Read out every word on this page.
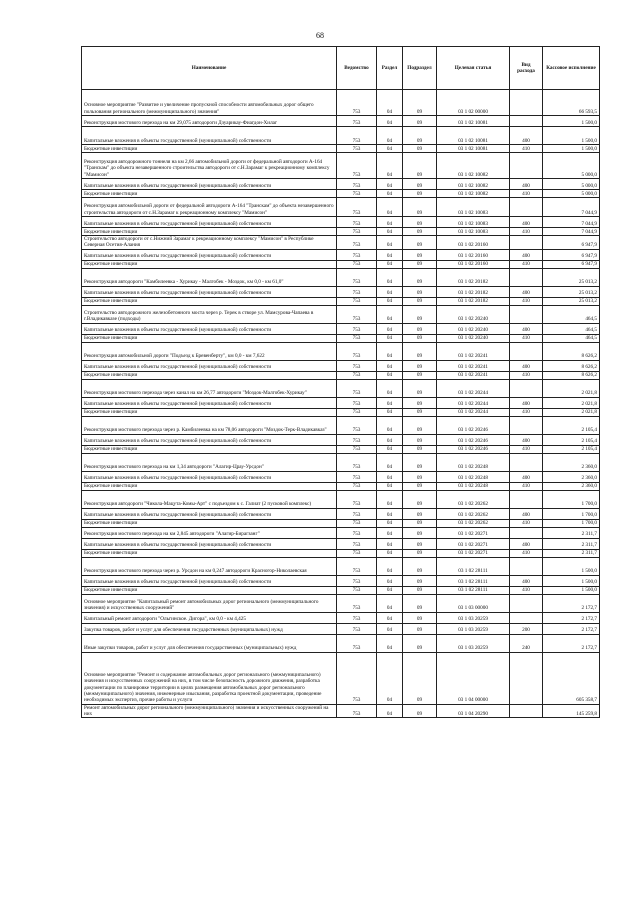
68
Наименование	Ведомство	Раздел	Подраздел	Целевая статья	Вид расхода	Кассовое исполнение
Основное мероприятие "Развитие и увеличение пропускной способности автомобильных дорог общего пользования регионального (межмуниципального) значения"	753	04	09	03 1 02 00000		66 593,5
Реконструкция мостового перехода на км 29,075 автодороги Дзуарикау-Фиагдон-Хилаг	753	04	09	03 1 02 10081		1 500,0
Капитальные вложения в объекты государственной (муниципальной) собственности	753	04	09	03 1 02 10081	400	1 500,0
Бюджетные инвестиции	753	04	09	03 1 02 10081	410	1 500,0
Реконструкция автодорожного тоннеля на км 2,66 автомобильной дороги от федеральной автодороги А-164 "Транскам" до объекта незавершенного строительства автодороги от с.Н.Зарамаг к рекреационному комплексу "Мамисон"	753	04	09	03 1 02 10082		5 000,0
Капитальные вложения в объекты государственной (муниципальной) собственности	753	04	09	03 1 02 10082	400	5 000,0
Бюджетные инвестиции	753	04	09	03 1 02 10082	410	5 000,0
Реконструкция автомобильной дороги от федеральной автодороги А-164 "Транскам" до объекта незавершенного строительства автодороги от с.Н.Зарамаг к рекреационному комплексу "Мамисон"	753	04	09	03 1 02 10083		7 044,9
Капитальные вложения в объекты государственной (муниципальной) собственности	753	04	09	03 1 02 10083	400	7 044,9
Бюджетные инвестиции	753	04	09	03 1 02 10083	410	7 044,9
Строительство автодороги от с.Нижний Зарамаг к рекреационному комплексу "Мамисон" в Республике Северная Осетия-Алания	753	04	09	03 1 02 20160		6 947,9
Капитальные вложения в объекты государственной (муниципальной) собственности	753	04	09	03 1 02 20160	400	6 947,9
Бюджетные инвестиции	753	04	09	03 1 02 20160	410	6 947,9
Реконструкция автодороги "Камбилеевка - Хурикау - Малгобек - Моздок, км 0,0 - км 61,0"	753	04	09	03 1 02 20182		25 013,2
Капитальные вложения в объекты государственной (муниципальной) собственности	753	04	09	03 1 02 20182	400	25 013,2
Бюджетные инвестиции	753	04	09	03 1 02 20182	410	25 013,2
Строительство автодорожного железобетонного моста через р. Терек в створе ул. Мамсурова-Чапаева в г.Владикавказе (подходы)	753	04	09	03 1 02 20240		464,5
Капитальные вложения в объекты государственной (муниципальной) собственности	753	04	09	03 1 02 20240	400	464,5
Бюджетные инвестиции	753	04	09	03 1 02 20240	410	464,5
Реконструкция автомобильной дороги "Подъезд к Бревенберту", км 0,0 - км 7,622	753	04	09	03 1 02 20241		8 626,2
Капитальные вложения в объекты государственной (муниципальной) собственности	753	04	09	03 1 02 20241	400	8 626,2
Бюджетные инвестиции	753	04	09	03 1 02 20241	410	8 626,2
Реконструкция мостового перехода через канал на км 26,77 автодороги "Моздок-Малгобек-Хурикау"	753	04	09	03 1 02 20244		2 021,8
Капитальные вложения в объекты государственной (муниципальной) собственности	753	04	09	03 1 02 20244	400	2 021,8
Бюджетные инвестиции	753	04	09	03 1 02 20244	410	2 021,8
Реконструкция мостового перехода через р. Камбилеевка на км 78,06 автодороги "Моздок-Терк-Владикавказ"	753	04	09	03 1 02 20246		2 105,4
Капитальные вложения в объекты государственной (муниципальной) собственности	753	04	09	03 1 02 20246	400	2 105,4
Бюджетные инвестиции	753	04	09	03 1 02 20246	410	2 105,4
Реконструкция мостового перехода на км 1,34 автодороги "Алагир-Црау-Урсдон"	753	04	09	03 1 02 20248		2 360,0
Капитальные вложения в объекты государственной (муниципальной) собственности	753	04	09	03 1 02 20248	400	2 360,0
Бюджетные инвестиции	753	04	09	03 1 02 20248	410	2 360,0
Реконструкция автодороги "Чикола-Мацута-Комы-Арт" с подъездом к с. Галиат (2 пусковой комплекс)	753	04	09	03 1 02 20262		1 700,0
Капитальные вложения в объекты государственной (муниципальной) собственности	753	04	09	03 1 02 20262	400	1 700,0
Бюджетные инвестиции	753	04	09	03 1 02 20262	410	1 700,0
Реконструкция мостового перехода на км 2,845 автодороги "Алагир-Бирагзанг"	753	04	09	03 1 02 20271		2 311,7
Капитальные вложения в объекты государственной (муниципальной) собственности	753	04	09	03 1 02 20271	400	2 311,7
Бюджетные инвестиции	753	04	09	03 1 02 20271	410	2 311,7
Реконструкция мостового перехода через р. Урсдон на км 0,247 автодороги Красногор-Николаевская	753	04	09	03 1 02 28111		1 500,0
Капитальные вложения в объекты государственной (муниципальной) собственности	753	04	09	03 1 02 28111	400	1 500,0
Бюджетные инвестиции	753	04	09	03 1 02 28111	410	1 500,0
Основное мероприятие "Капитальный ремонт автомобильных дорог регионального (межмуниципального значения) и искусственных сооружений"	753	04	09	03 1 03 00000		2 172,7
Капитальный ремонт автодороги "Ольгинское. Дигора", км 0,0 - км 4,425	753	04	09	03 1 03 20259		2 172,7
Закупка товаров, работ и услуг для обеспечения государственных (муниципальных) нужд	753	04	09	03 1 03 20259	200	2 172,7
Иные закупки товаров, работ и услуг для обеспечения государственных (муниципальных) нужд	753	04	09	03 1 03 20259	240	2 172,7
Основное мероприятие "Ремонт и содержание автомобильных дорог регионального (межмуниципального) значения и искусственных сооружений на них, в том числе безопасность дорожного движения, разработка документации по планировке территории в целях размещения автомобильных дорог регионального (межмуниципального) значения, инженерные изыскания, разработка проектной документации, проведение необходимых экспертиз, прочие работы и услуги	753	04	09	03 1 04 00000		605 358,7
Ремонт автомобильных дорог регионального (межмуниципального) значения и искусственных сооружений на них	753	04	09	03 1 04 20290		145 259,8
